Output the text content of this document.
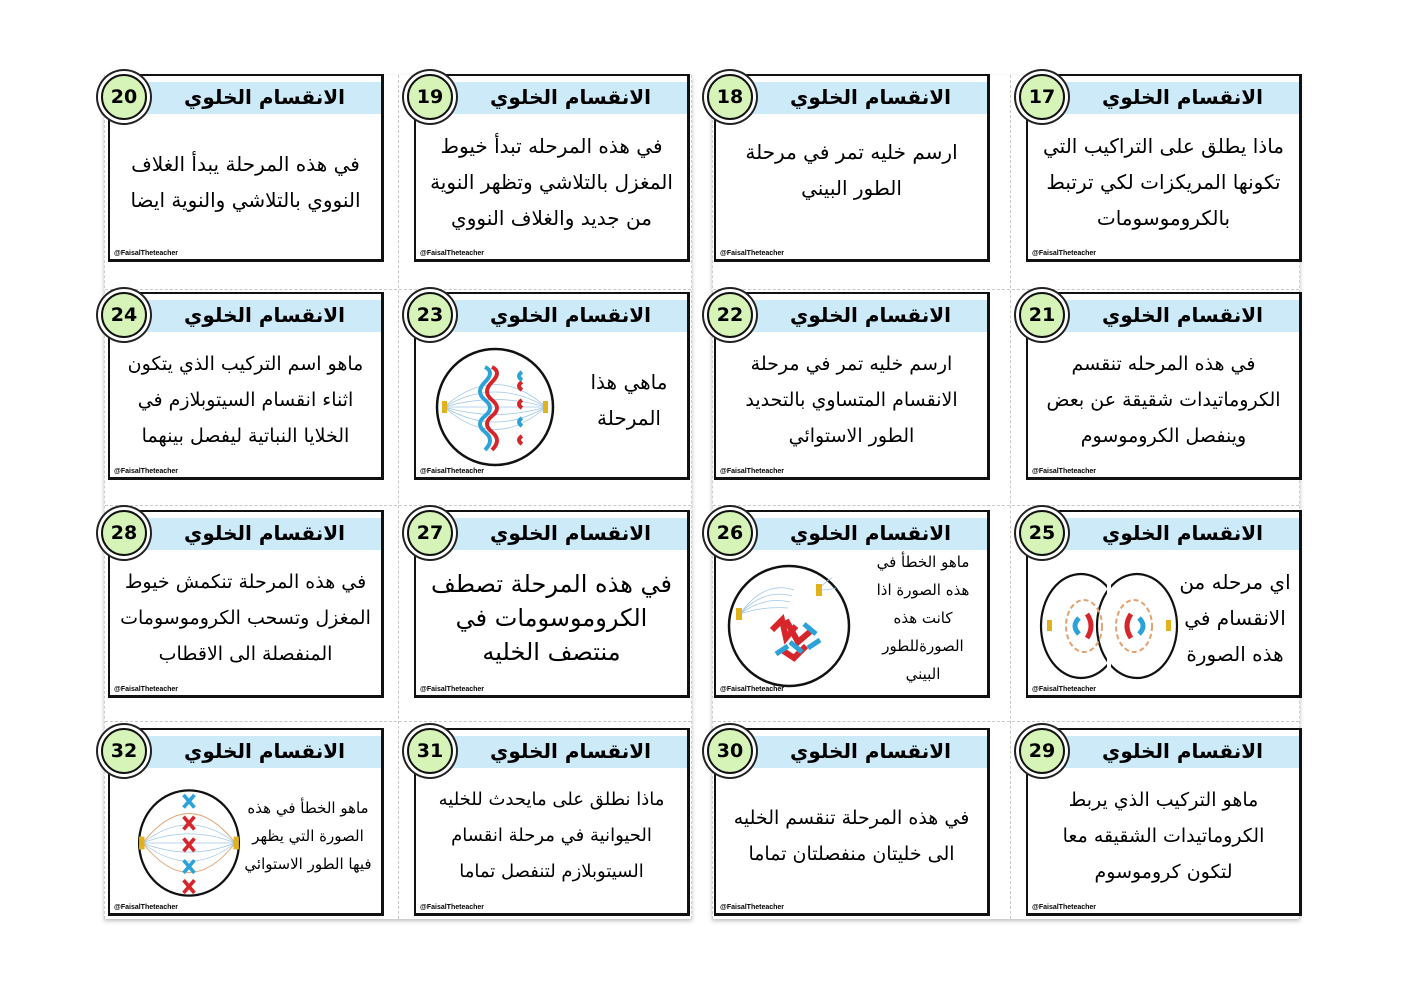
الانقسام الخلوي
20
في هذه المرحلة يبدأ الغلاف النووي بالتلاشي والنوية ايضا
@FaisalTheteacher
الانقسام الخلوي
19
في هذه المرحله تبدأ خيوط المغزل بالتلاشي وتظهر النوية من جديد والغلاف النووي
@FaisalTheteacher
الانقسام الخلوي
18
ارسم خليه تمر في مرحلة الطور البيني
@FaisalTheteacher
الانقسام الخلوي
17
ماذا يطلق على التراكيب التي تكونها المريكزات لكي ترتبط بالكروموسومات
@FaisalTheteacher
الانقسام الخلوي
24
ماهو اسم التركيب الذي يتكون اثناء انقسام السيتوبلازم في الخلايا النباتية ليفصل بينهما
@FaisalTheteacher
الانقسام الخلوي
23
ماهي هذا المرحلة
@FaisalTheteacher
الانقسام الخلوي
22
ارسم خليه تمر في مرحلة الانقسام المتساوي بالتحديد الطور الاستوائي
@FaisalTheteacher
الانقسام الخلوي
21
في هذه المرحله تنقسم الكروماتيدات شقيقة عن بعض وينفصل الكروموسوم
@FaisalTheteacher
الانقسام الخلوي
28
في هذه المرحلة تنكمش خيوط المغزل وتسحب الكروموسومات المنفصلة الى الاقطاب
@FaisalTheteacher
الانقسام الخلوي
27
في هذه المرحلة تصطف الكروموسومات في منتصف الخليه
@FaisalTheteacher
الانقسام الخلوي
26
ماهو الخطأ في هذه الصورة اذا كانت هذه الصورةللطور البيني
@FaisalTheteacher
الانقسام الخلوي
25
اي مرحله من الانقسام في هذه الصورة
@FaisalTheteacher
الانقسام الخلوي
32
ماهو الخطأ في هذه الصورة التي يظهر فيها الطور الاستوائي
@FaisalTheteacher
الانقسام الخلوي
31
ماذا نطلق على مايحدث للخليه الحيوانية في مرحلة انقسام السيتوبلازم لتنفصل تماما
@FaisalTheteacher
الانقسام الخلوي
30
في هذه المرحلة تنقسم الخليه الى خليتان منفصلتان تماما
@FaisalTheteacher
الانقسام الخلوي
29
ماهو التركيب الذي يربط الكروماتيدات الشقيقه معا لتكون كروموسوم
@FaisalTheteacher
